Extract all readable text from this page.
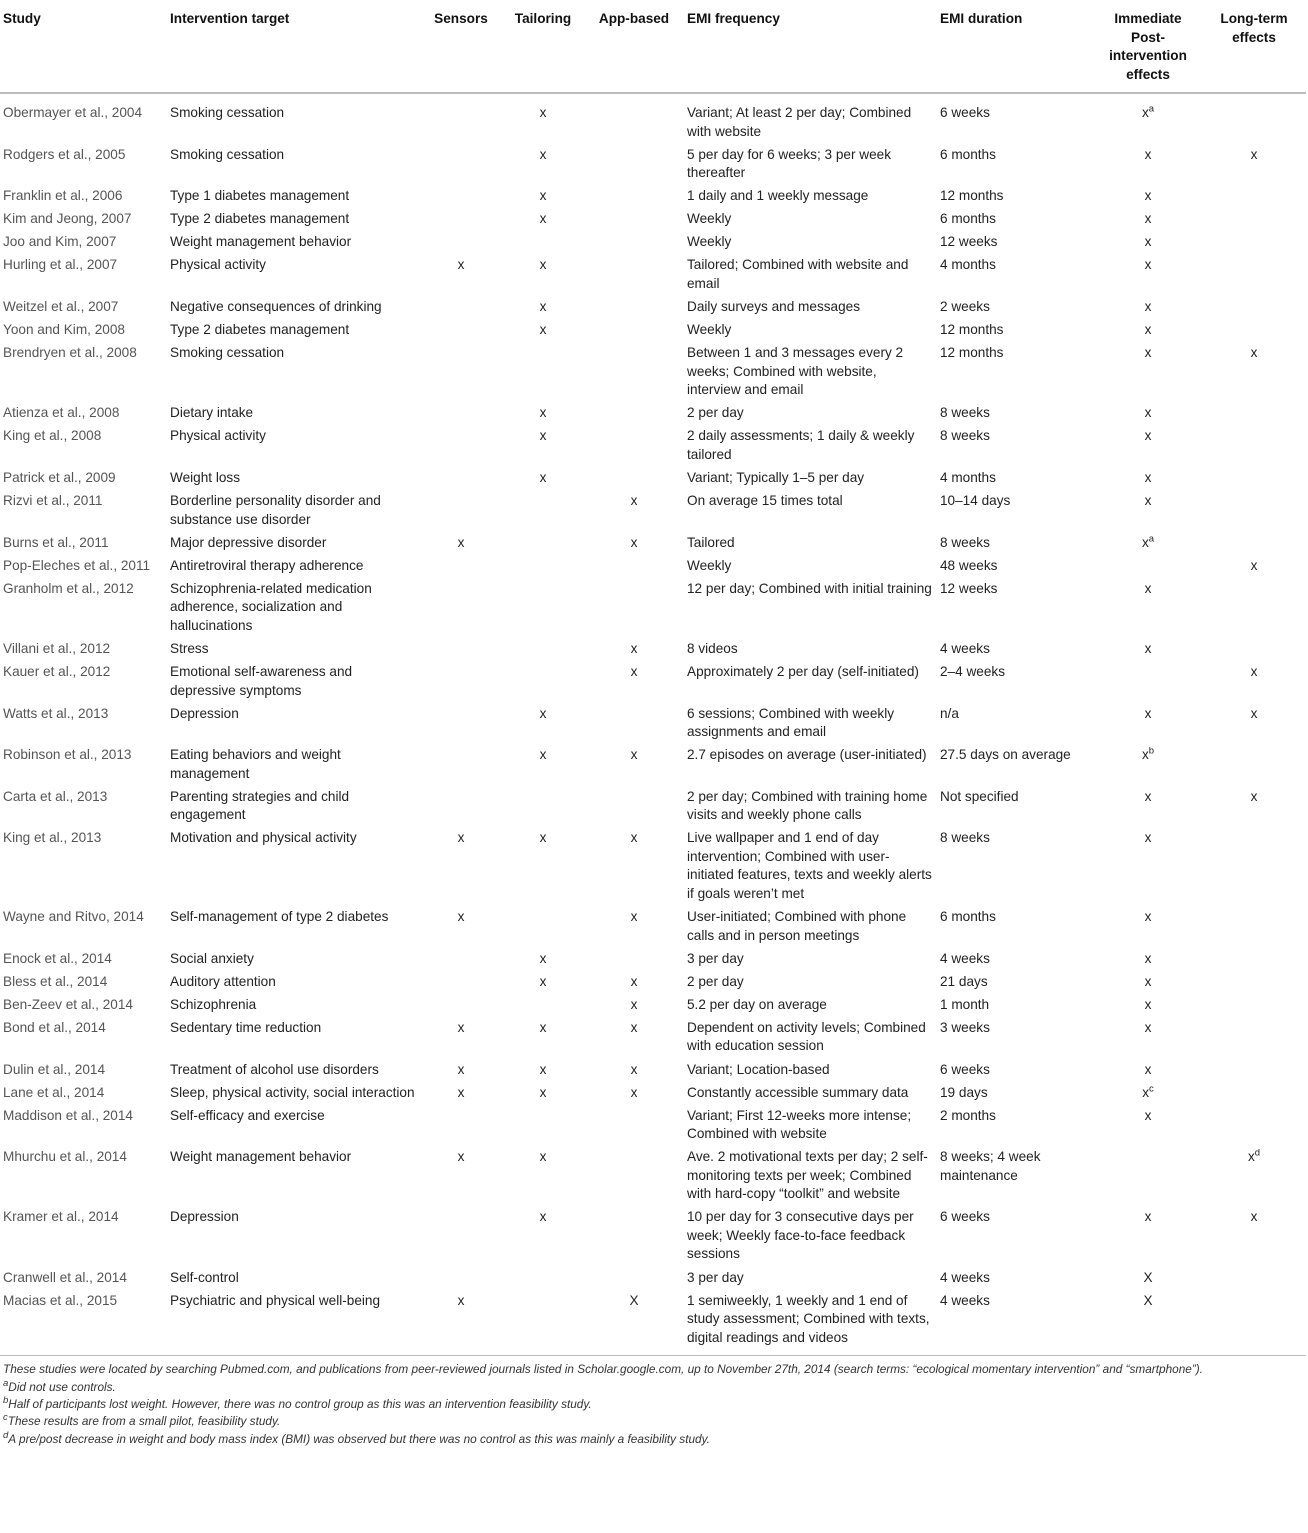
Study	Intervention target	Sensors	Tailoring	App-based	EMI frequency	EMI duration	Immediate Post-intervention effects	Long-term effects
Obermayer et al., 2004	Smoking cessation		x		Variant; At least 2 per day; Combined with website	6 weeks	$x^a$	
Rodgers et al., 2005	Smoking cessation		x		5 per day for 6 weeks; 3 per week thereafter	6 months	x	x
Franklin et al., 2006	Type 1 diabetes management		x		1 daily and 1 weekly message	12 months	x	
Kim and Jeong, 2007	Type 2 diabetes management		x		Weekly	6 months	x	
Joo and Kim, 2007	Weight management behavior				Weekly	12 weeks	x	
Hurling et al., 2007	Physical activity	x	x		Tailored; Combined with website and email	4 months	x	
Weitzel et al., 2007	Negative consequences of drinking		x		Daily surveys and messages	2 weeks	x	
Yoon and Kim, 2008	Type 2 diabetes management		x		Weekly	12 months	x	
Brendryen et al., 2008	Smoking cessation				Between 1 and 3 messages every 2 weeks; Combined with website, interview and email	12 months	x	x
Atienza et al., 2008	Dietary intake		x		2 per day	8 weeks	x	
King et al., 2008	Physical activity		x		2 daily assessments; 1 daily & weekly tailored	8 weeks	x	
Patrick et al., 2009	Weight loss		x		Variant; Typically 1–5 per day	4 months	x	
Rizvi et al., 2011	Borderline personality disorder and substance use disorder			x	On average 15 times total	10–14 days	x	
Burns et al., 2011	Major depressive disorder	x		x	Tailored	8 weeks	$x^a$	
Pop-Eleches et al., 2011	Antiretroviral therapy adherence				Weekly	48 weeks		x
Granholm et al., 2012	Schizophrenia-related medication adherence, socialization and hallucinations				12 per day; Combined with initial training	12 weeks	x	
Villani et al., 2012	Stress			x	8 videos	4 weeks	x	
Kauer et al., 2012	Emotional self-awareness and depressive symptoms			x	Approximately 2 per day (self-initiated)	2–4 weeks		x
Watts et al., 2013	Depression		x		6 sessions; Combined with weekly assignments and email	n/a	x	x
Robinson et al., 2013	Eating behaviors and weight management		x	x	2.7 episodes on average (user-initiated)	27.5 days on average	$x^b$	
Carta et al., 2013	Parenting strategies and child engagement				2 per day; Combined with training home visits and weekly phone calls	Not specified	x	x
King et al., 2013	Motivation and physical activity	x	x	x	Live wallpaper and 1 end of day intervention; Combined with user-initiated features, texts and weekly alerts if goals weren’t met	8 weeks	x	
Wayne and Ritvo, 2014	Self-management of type 2 diabetes	x		x	User-initiated; Combined with phone calls and in person meetings	6 months	x	
Enock et al., 2014	Social anxiety		x		3 per day	4 weeks	x	
Bless et al., 2014	Auditory attention		x	x	2 per day	21 days	x	
Ben-Zeev et al., 2014	Schizophrenia			x	5.2 per day on average	1 month	x	
Bond et al., 2014	Sedentary time reduction	x	x	x	Dependent on activity levels; Combined with education session	3 weeks	x	
Dulin et al., 2014	Treatment of alcohol use disorders	x	x	x	Variant; Location-based	6 weeks	x	
Lane et al., 2014	Sleep, physical activity, social interaction	x	x	x	Constantly accessible summary data	19 days	$x^c$	
Maddison et al., 2014	Self-efficacy and exercise				Variant; First 12-weeks more intense; Combined with website	2 months	x	
Mhurchu et al., 2014	Weight management behavior	x	x		Ave. 2 motivational texts per day; 2 self-monitoring texts per week; Combined with hard-copy “toolkit” and website	8 weeks; 4 week maintenance		$x^d$
Kramer et al., 2014	Depression		x		10 per day for 3 consecutive days per week; Weekly face-to-face feedback sessions	6 weeks	x	x
Cranwell et al., 2014	Self-control				3 per day	4 weeks	X	
Macias et al., 2015	Psychiatric and physical well-being	x		X	1 semiweekly, 1 weekly and 1 end of study assessment; Combined with texts, digital readings and videos	4 weeks	X	
These studies were located by searching Pubmed.com, and publications from peer-reviewed journals listed in Scholar.google.com, up to November 27th, 2014 (search terms: “ecological momentary intervention” and “smartphone”).
$^a$Did not use controls.
$^b$Half of participants lost weight. However, there was no control group as this was an intervention feasibility study.
$^c$These results are from a small pilot, feasibility study.
$^d$A pre/post decrease in weight and body mass index (BMI) was observed but there was no control as this was mainly a feasibility study.
